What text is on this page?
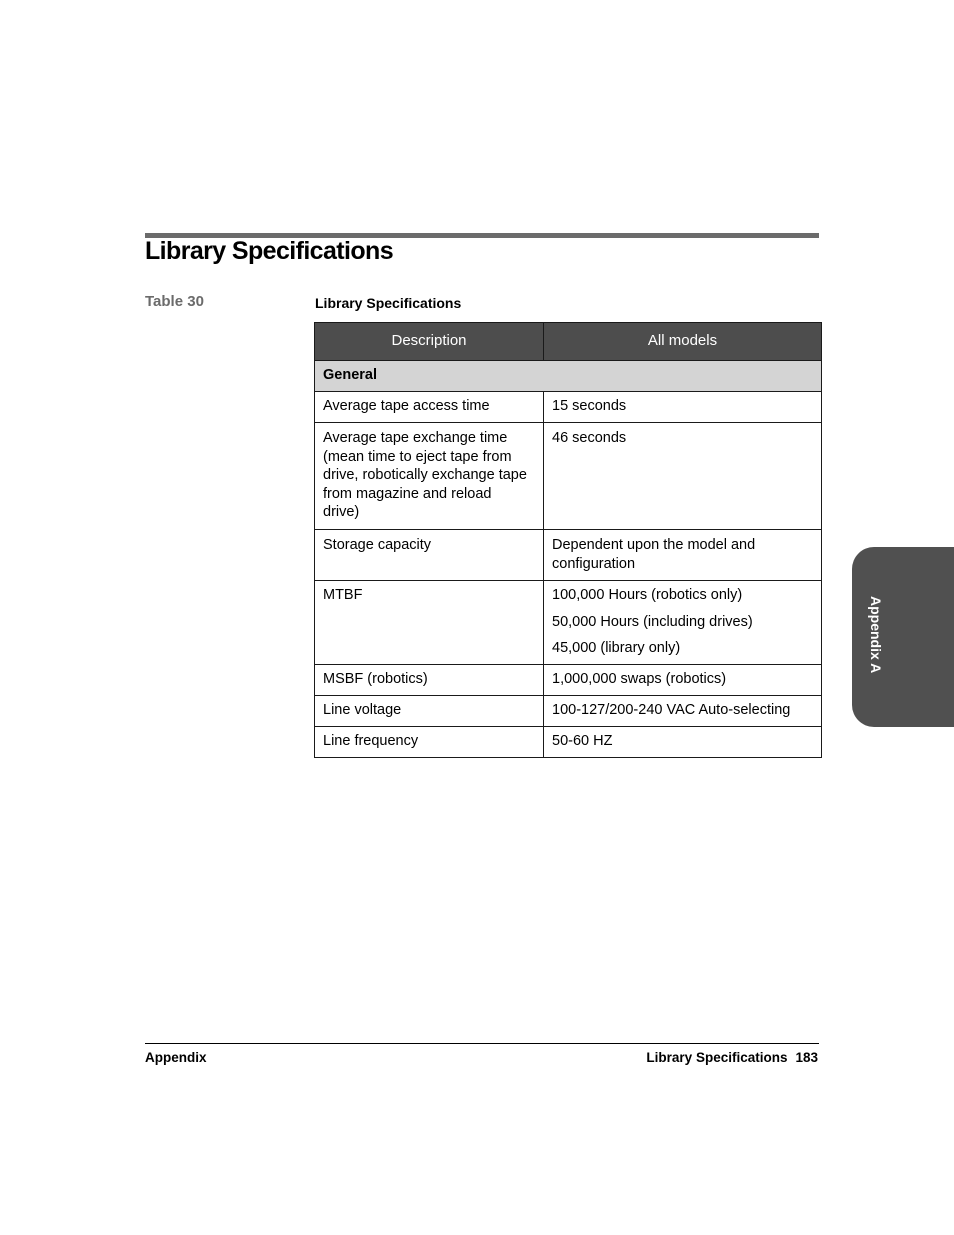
Library Specifications
Table 30	Library Specifications
Description	All models
General	
Average tape access time	15 seconds
Average tape exchange time
(mean time to eject tape from
drive, robotically exchange tape
from magazine and reload
drive)	46 seconds
Storage capacity	Dependent upon the model and
configuration
MTBF	100,000 Hours (robotics only)
50,000 Hours (including drives)
45,000 (library only)

MSBF (robotics)	1,000,000 swaps (robotics)
Line voltage	100-127/200-240 VAC Auto-selecting
Line frequency	50-60 HZ
Appendix A
Appendix	Library Specifications 183
